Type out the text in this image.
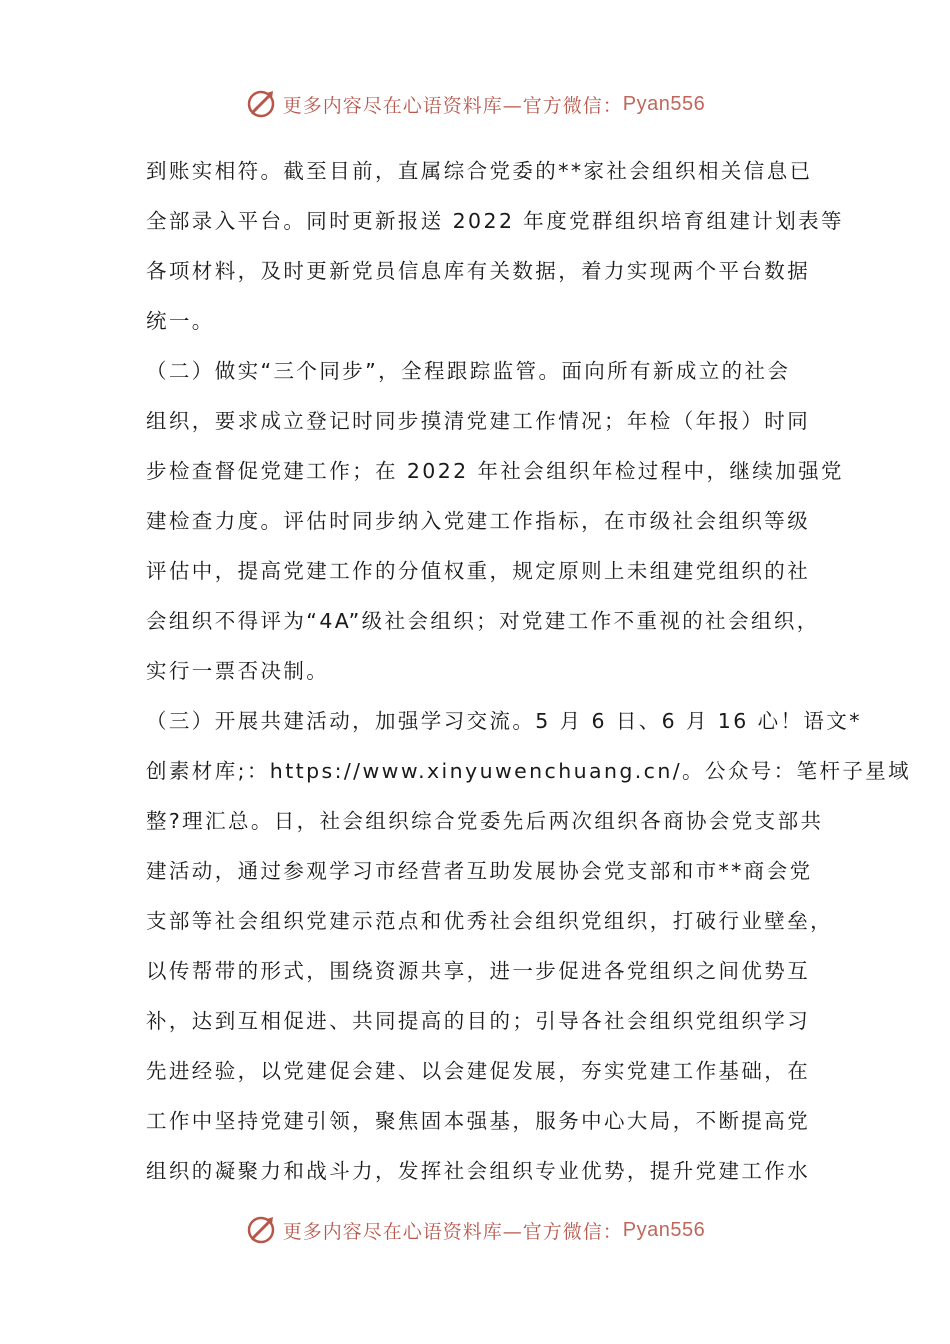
更多内容尽在心语资料库—官方微信： Pyan556
到账实相符。截至目前，直属综合党委的**家社会组织相关信息已
全部录入平台。同时更新报送 2022 年度党群组织培育组建计划表等
各项材料，及时更新党员信息库有关数据，着力实现两个平台数据
统一。
（二）做实“三个同步”，全程跟踪监管。面向所有新成立的社会
组织，要求成立登记时同步摸清党建工作情况；年检（年报）时同
步检查督促党建工作；在 2022 年社会组织年检过程中，继续加强党
建检查力度。评估时同步纳入党建工作指标，在市级社会组织等级
评估中，提高党建工作的分值权重，规定原则上未组建党组织的社
会组织不得评为“4A”级社会组织；对党建工作不重视的社会组织，
实行一票否决制。
（三）开展共建活动，加强学习交流。5 月 6 日、6 月 16 心！语文*
创素材库;：https://www.xinyuwenchuang.cn/。公众号：笔杆子星域
整?理汇总。日，社会组织综合党委先后两次组织各商协会党支部共
建活动，通过参观学习市经营者互助发展协会党支部和市**商会党
支部等社会组织党建示范点和优秀社会组织党组织，打破行业壁垒，
以传帮带的形式，围绕资源共享，进一步促进各党组织之间优势互
补，达到互相促进、共同提高的目的；引导各社会组织党组织学习
先进经验，以党建促会建、以会建促发展，夯实党建工作基础，在
工作中坚持党建引领，聚焦固本强基，服务中心大局，不断提高党
组织的凝聚力和战斗力，发挥社会组织专业优势，提升党建工作水
更多内容尽在心语资料库—官方微信： Pyan556
